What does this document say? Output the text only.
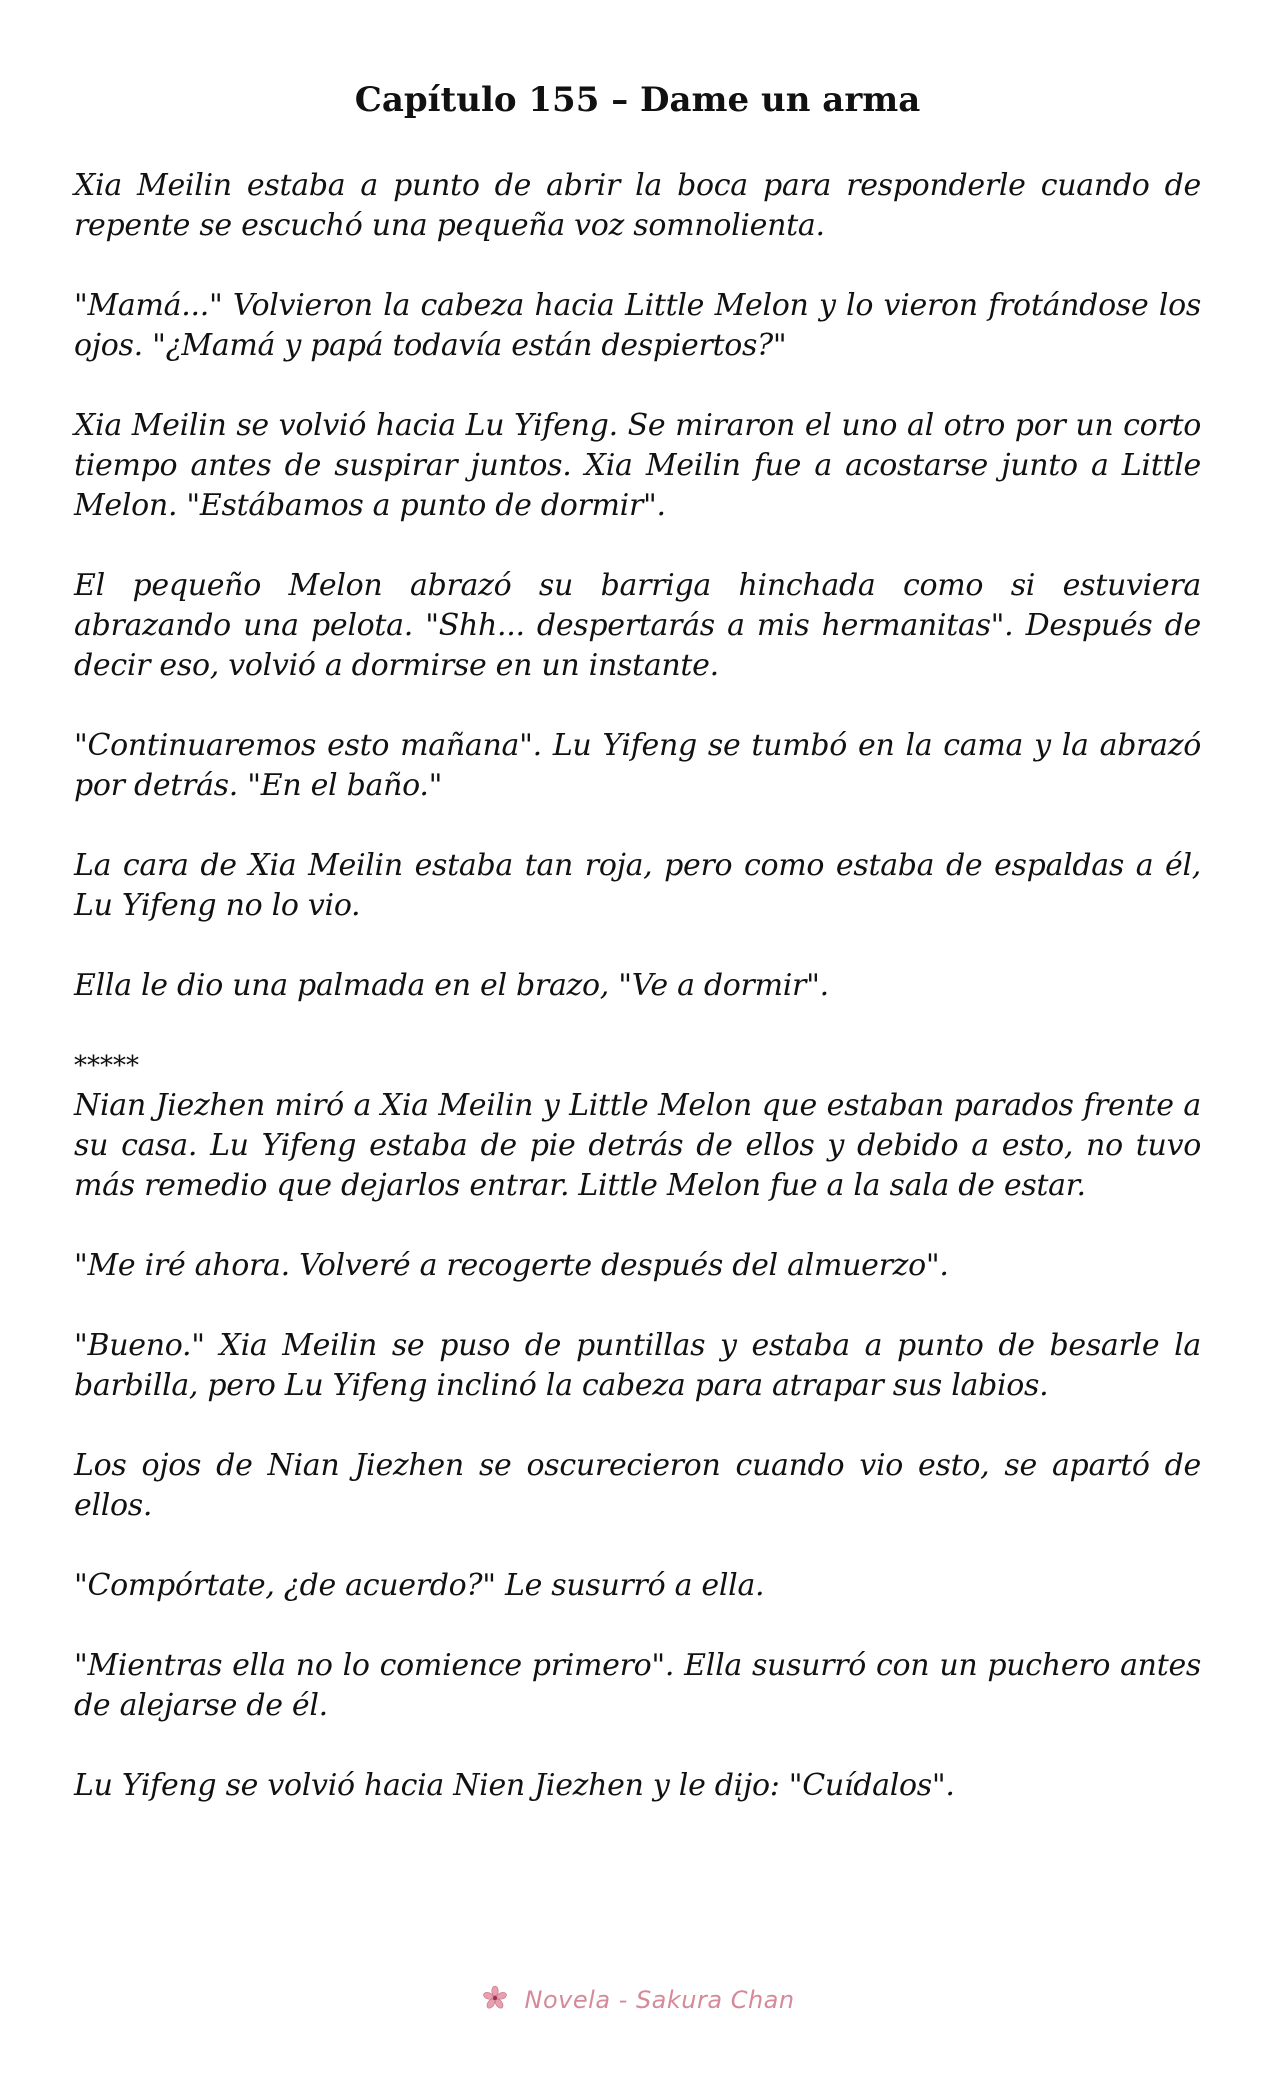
Capítulo 155 – Dame un arma

Xia Meilin estaba a punto de abrir la boca para responderle cuando de repente se escuchó una pequeña voz somnolienta.

"Mamá..." Volvieron la cabeza hacia Little Melon y lo vieron frotándose los ojos. "¿Mamá y papá todavía están despiertos?"

Xia Meilin se volvió hacia Lu Yifeng. Se miraron el uno al otro por un corto tiempo antes de suspirar juntos. Xia Meilin fue a acostarse junto a Little Melon. "Estábamos a punto de dormir".

El pequeño Melon abrazó su barriga hinchada como si estuviera abrazando una pelota. "Shh... despertarás a mis hermanitas". Después de decir eso, volvió a dormirse en un instante.

"Continuaremos esto mañana". Lu Yifeng se tumbó en la cama y la abrazó por detrás. "En el baño."

La cara de Xia Meilin estaba tan roja, pero como estaba de espaldas a él, Lu Yifeng no lo vio.

Ella le dio una palmada en el brazo, "Ve a dormir".

*****

Nian Jiezhen miró a Xia Meilin y Little Melon que estaban parados frente a su casa. Lu Yifeng estaba de pie detrás de ellos y debido a esto, no tuvo más remedio que dejarlos entrar. Little Melon fue a la sala de estar.

"Me iré ahora. Volveré a recogerte después del almuerzo".

"Bueno." Xia Meilin se puso de puntillas y estaba a punto de besarle la barbilla, pero Lu Yifeng inclinó la cabeza para atrapar sus labios.

Los ojos de Nian Jiezhen se oscurecieron cuando vio esto, se apartó de ellos.

"Compórtate, ¿de acuerdo?" Le susurró a ella.

"Mientras ella no lo comience primero". Ella susurró con un puchero antes de alejarse de él.

Lu Yifeng se volvió hacia Nien Jiezhen y le dijo: "Cuídalos".

Novela - Sakura Chan
